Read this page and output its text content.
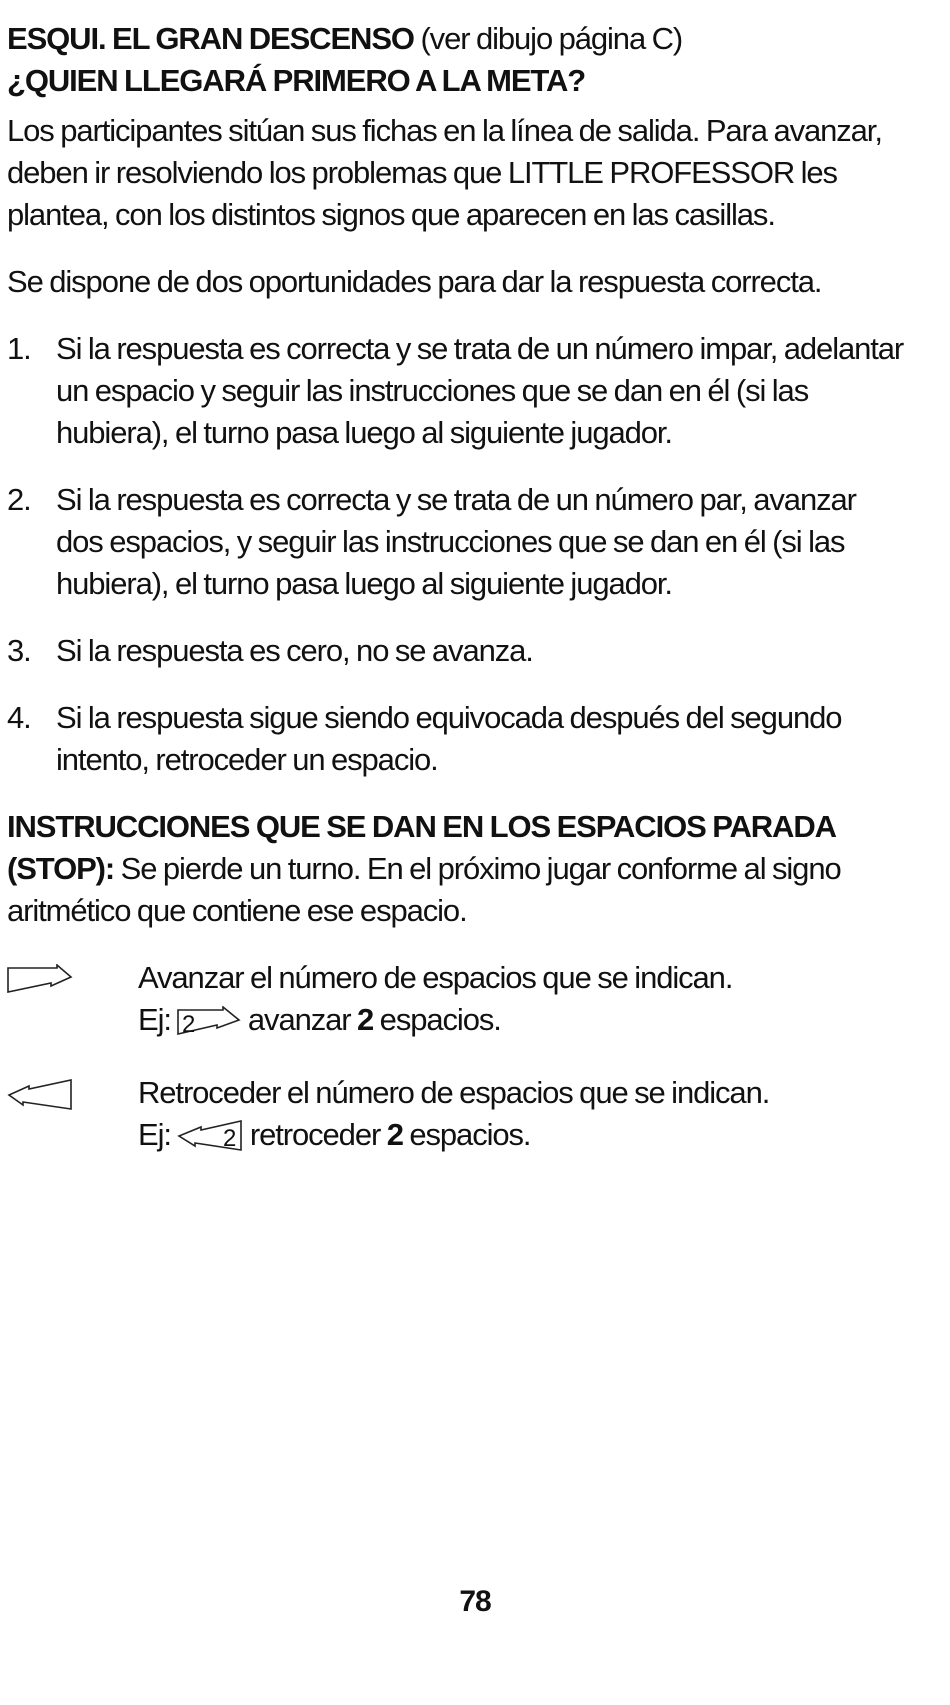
ESQUI. EL GRAN DESCENSO (ver dibujo página C)

¿QUIEN LLEGARÁ PRIMERO A LA META?

Los participantes sitúan sus fichas en la línea de salida. Para avanzar, deben ir resolviendo los problemas que LITTLE PROFESSOR les plantea, con los distintos signos que aparecen en las casillas.

Se dispone de dos oportunidades para dar la respuesta correcta.

1. Si la respuesta es correcta y se trata de un número impar, adelantar un espacio y seguir las instrucciones que se dan en él (si las hubiera), el turno pasa luego al siguiente jugador.
2. Si la respuesta es correcta y se trata de un número par, avanzar dos espacios, y seguir las instrucciones que se dan en él (si las hubiera), el turno pasa luego al siguiente jugador.
3. Si la respuesta es cero, no se avanza.
4. Si la respuesta sigue siendo equivocada después del segundo intento, retroceder un espacio.

INSTRUCCIONES QUE SE DAN EN LOS ESPACIOS PARADA (STOP): Se pierde un turno. En el próximo jugar conforme al signo aritmético que contiene ese espacio.

Avanzar el número de espacios que se indican.
Ej: 2 avanzar 2 espacios.
Retroceder el número de espacios que se indican.
Ej: 2 retroceder 2 espacios.
78
